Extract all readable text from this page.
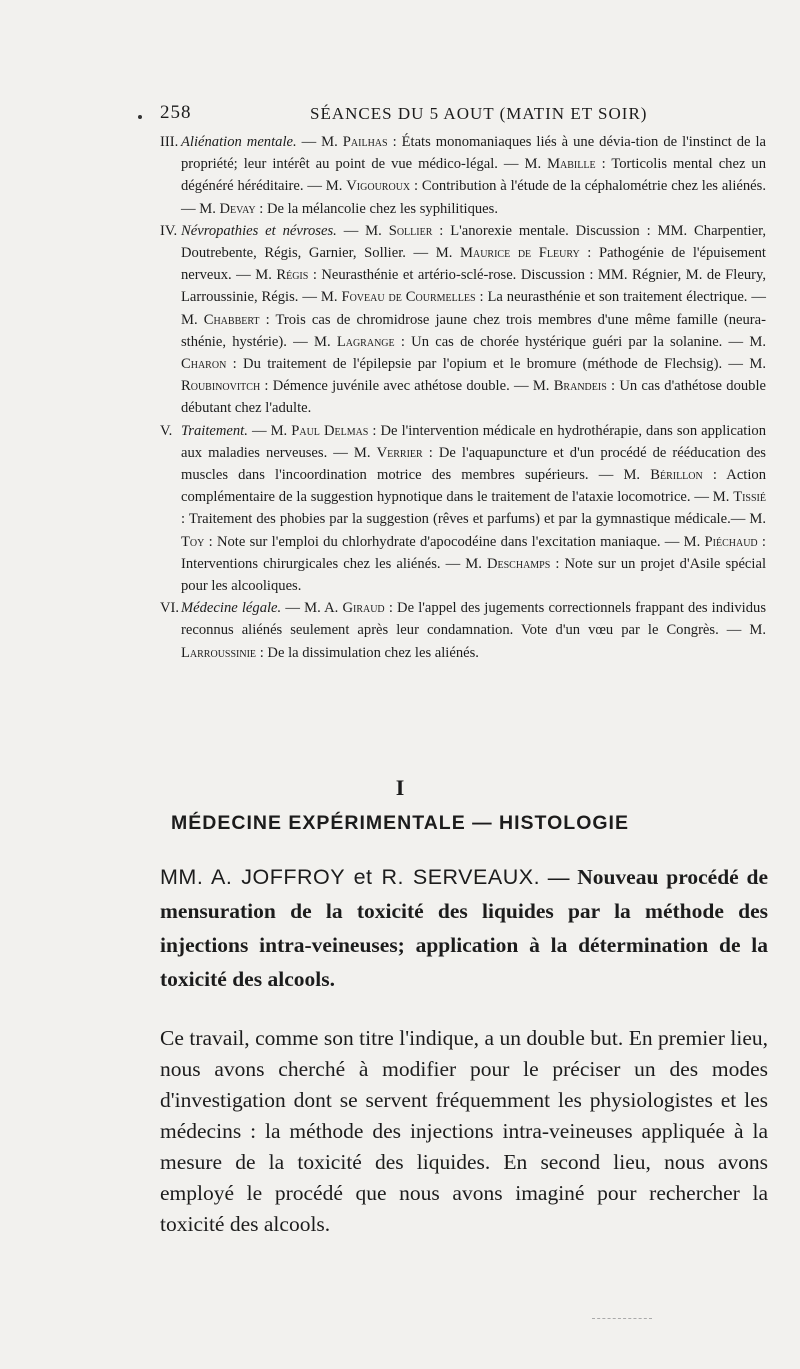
258	SÉANCES DU 5 AOUT (MATIN ET SOIR)

III. Aliénation mentale. — M. Pailhas : États monomaniaques liés à une dévia-tion de l'instinct de la propriété; leur intérêt au point de vue médico-légal. — M. Mabille : Torticolis mental chez un dégénéré héréditaire. — M. Vigouroux : Contribution à l'étude de la céphalométrie chez les aliénés. — M. Devay : De la mélancolie chez les syphilitiques.

IV. Névropathies et névroses. — M. Sollier : L'anorexie mentale. Discussion : MM. Charpentier, Doutrebente, Régis, Garnier, Sollier. — M. Maurice de Fleury : Pathogénie de l'épuisement nerveux. — M. Régis : Neurasthénie et artério-sclé-rose. Discussion : MM. Régnier, M. de Fleury, Larroussinie, Régis. — M. Foveau de Courmelles : La neurasthénie et son traitement électrique. — M. Chabbert : Trois cas de chromidrose jaune chez trois membres d'une même famille (neura-sthénie, hystérie). — M. Lagrange : Un cas de chorée hystérique guéri par la solanine. — M. Charon : Du traitement de l'épilepsie par l'opium et le bromure (méthode de Flechsig). — M. Roubinovitch : Démence juvénile avec athétose double. — M. Brandeis : Un cas d'athétose double débutant chez l'adulte.

V. Traitement. — M. Paul Delmas : De l'intervention médicale en hydrothérapie, dans son application aux maladies nerveuses. — M. Verrier : De l'aquapuncture et d'un procédé de rééducation des muscles dans l'incoordination motrice des membres supérieurs. — M. Bérillon : Action complémentaire de la suggestion hypnotique dans le traitement de l'ataxie locomotrice. — M. Tissié : Traitement des phobies par la suggestion (rêves et parfums) et par la gymnastique médicale.— M. Toy : Note sur l'emploi du chlorhydrate d'apocodéine dans l'excitation maniaque. — M. Piéchaud : Interventions chirurgicales chez les aliénés. — M. Deschamps : Note sur un projet d'Asile spécial pour les alcooliques.

VI. Médecine légale. — M. A. Giraud : De l'appel des jugements correctionnels frappant des individus reconnus aliénés seulement après leur condamnation. Vote d'un vœu par le Congrès. — M. Larroussinie : De la dissimulation chez les aliénés.

I
MÉDECINE EXPÉRIMENTALE — HISTOLOGIE
MM. A. JOFFROY et R. SERVEAUX. — Nouveau procédé de mensuration de la toxicité des liquides par la méthode des injections intra-veineuses; application à la détermination de la toxicité des alcools.

Ce travail, comme son titre l'indique, a un double but. En premier lieu, nous avons cherché à modifier pour le préciser un des modes d'investigation dont se servent fréquemment les physiologistes et les médecins : la méthode des injections intra-veineuses appliquée à la mesure de la toxicité des liquides. En second lieu, nous avons employé le procédé que nous avons imaginé pour rechercher la toxicité des alcools.
